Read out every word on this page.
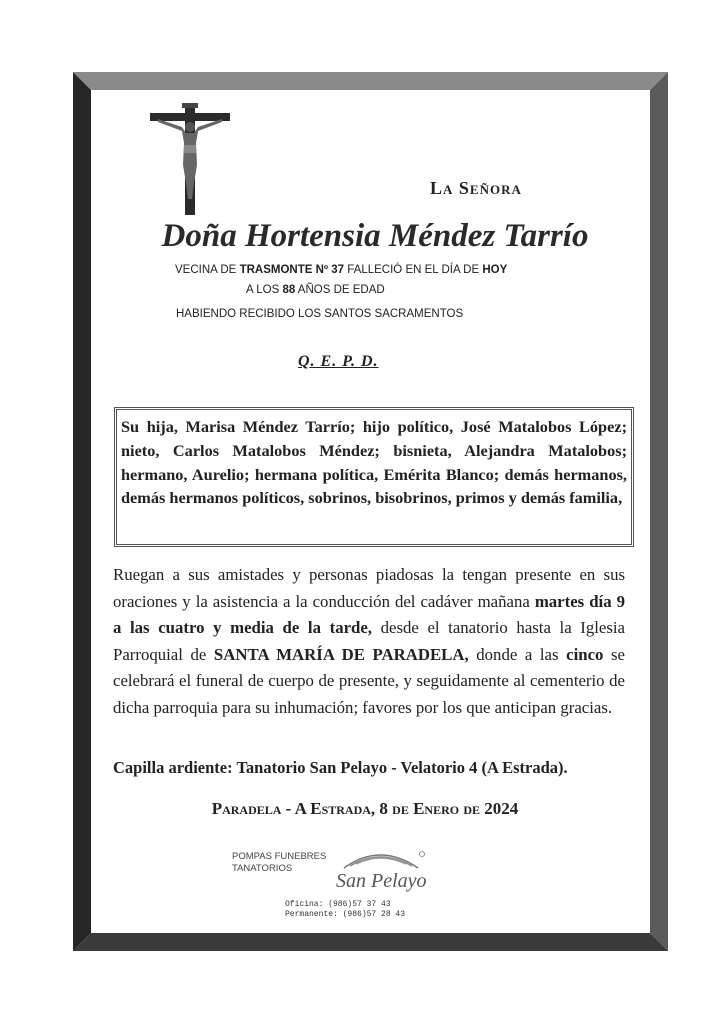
La Señora
Doña Hortensia Méndez Tarrío
VECINA DE TRASMONTE Nº 37 FALLECIÓ EN EL DÍA DE HOY
A LOS 88 AÑOS DE EDAD
HABIENDO RECIBIDO LOS SANTOS SACRAMENTOS
Q. E. P. D.

Su hija, Marisa Méndez Tarrío; hijo político, José Matalobos López; nieto, Carlos Matalobos Méndez; bisnieta, Alejandra Matalobos; hermano, Aurelio; hermana política, Emérita Blanco; demás hermanos, demás hermanos políticos, sobrinos, bisobrinos, primos y demás familia,

Ruegan a sus amistades y personas piadosas la tengan presente en sus oraciones y la asistencia a la conducción del cadáver mañana martes día 9 a las cuatro y media de la tarde, desde el tanatorio hasta la Iglesia Parroquial de SANTA MARÍA DE PARADELA, donde a las cinco se celebrará el funeral de cuerpo de presente, y seguidamente al cementerio de dicha parroquia para su inhumación; favores por los que anticipan gracias.

Capilla ardiente: Tanatorio San Pelayo - Velatorio 4 (A Estrada).
Paradela - A Estrada, 8 de Enero de 2024
POMPAS FUNEBRES
TANATORIOS
San Pelayo
Oficina: (986)57 37 43
Permanente: (986)57 28 43
